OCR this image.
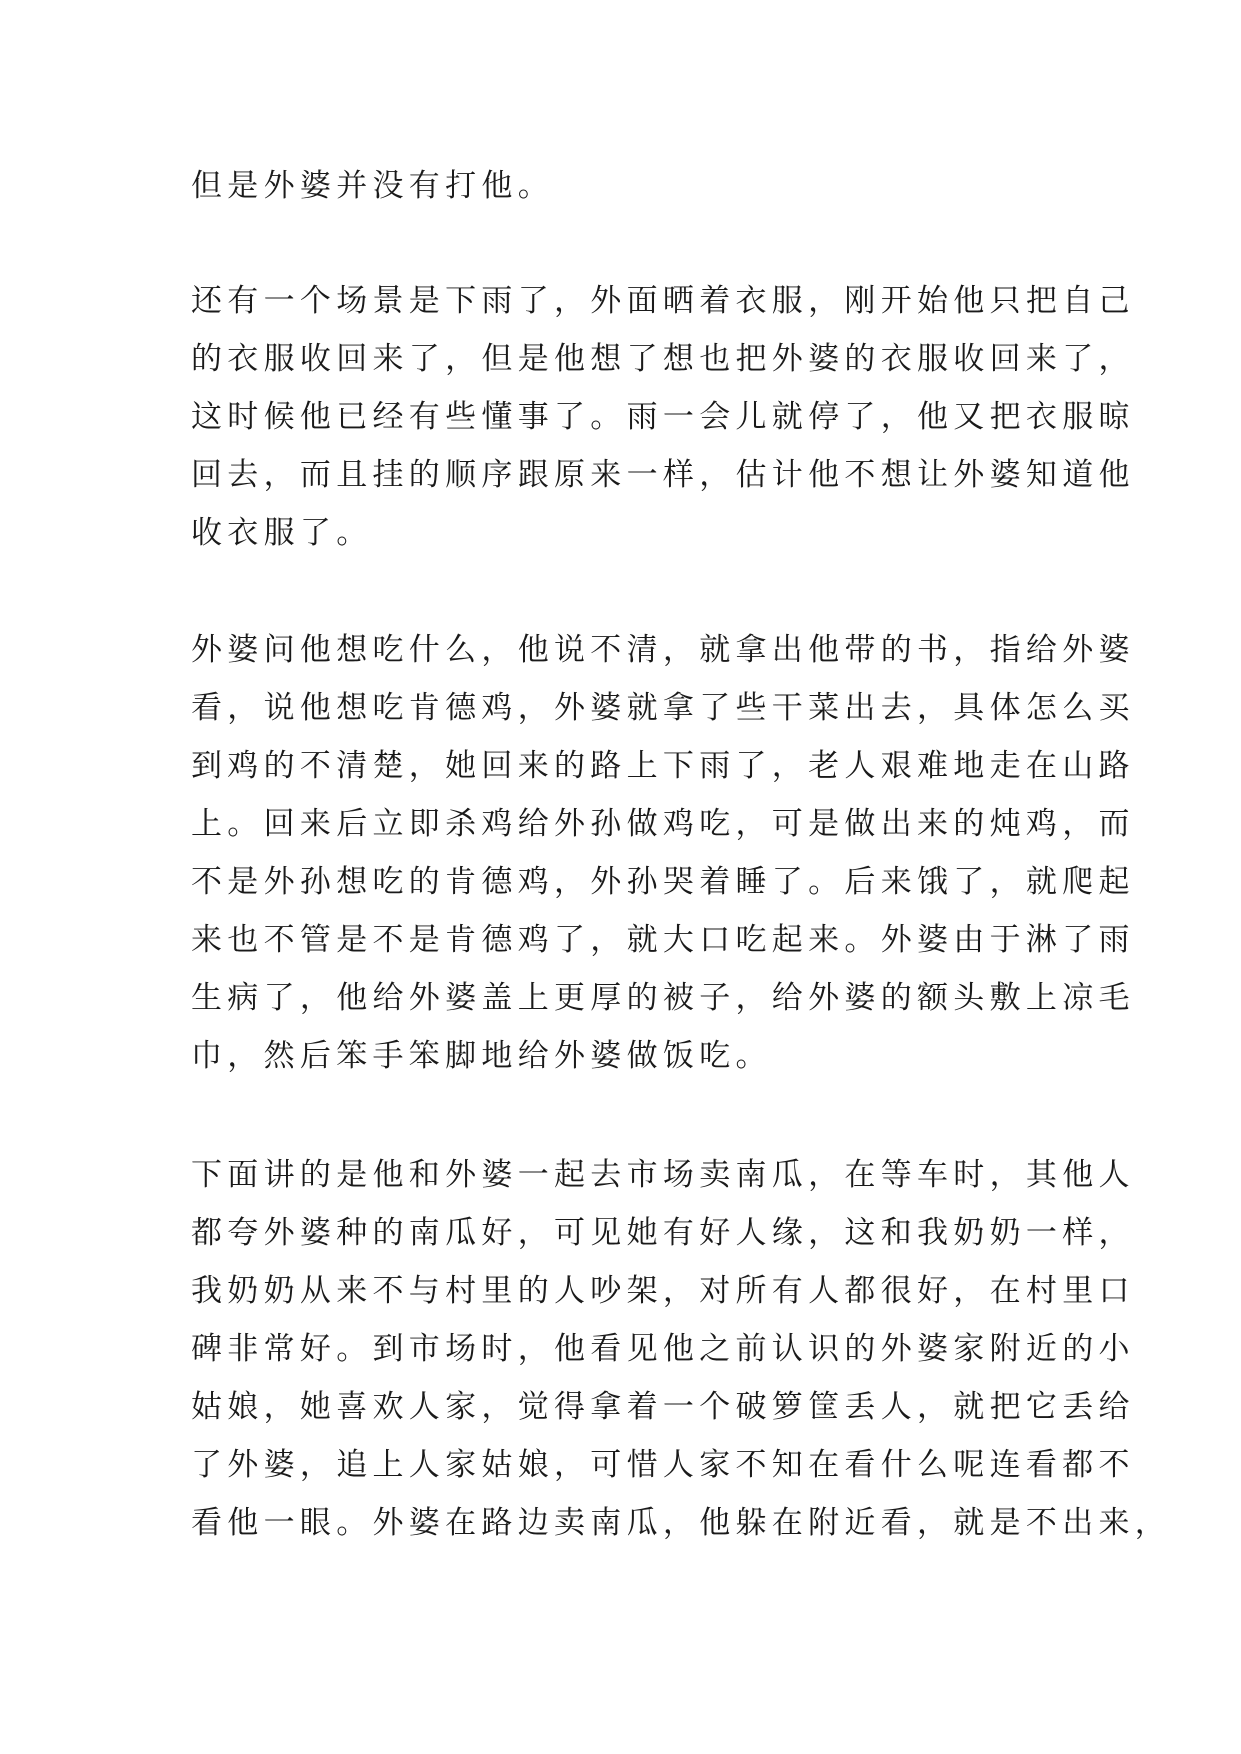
但是外婆并没有打他。
还有一个场景是下雨了，外面晒着衣服，刚开始他只把自己
的衣服收回来了，但是他想了想也把外婆的衣服收回来了，
这时候他已经有些懂事了。雨一会儿就停了，他又把衣服晾
回去，而且挂的顺序跟原来一样，估计他不想让外婆知道他
收衣服了。
外婆问他想吃什么，他说不清，就拿出他带的书，指给外婆
看，说他想吃肯德鸡，外婆就拿了些干菜出去，具体怎么买
到鸡的不清楚，她回来的路上下雨了，老人艰难地走在山路
上。回来后立即杀鸡给外孙做鸡吃，可是做出来的炖鸡，而
不是外孙想吃的肯德鸡，外孙哭着睡了。后来饿了，就爬起
来也不管是不是肯德鸡了，就大口吃起来。外婆由于淋了雨
生病了，他给外婆盖上更厚的被子，给外婆的额头敷上凉毛
巾，然后笨手笨脚地给外婆做饭吃。
下面讲的是他和外婆一起去市场卖南瓜，在等车时，其他人
都夸外婆种的南瓜好，可见她有好人缘，这和我奶奶一样，
我奶奶从来不与村里的人吵架，对所有人都很好，在村里口
碑非常好。到市场时，他看见他之前认识的外婆家附近的小
姑娘，她喜欢人家，觉得拿着一个破箩筐丢人，就把它丢给
了外婆，追上人家姑娘，可惜人家不知在看什么呢连看都不
看他一眼。外婆在路边卖南瓜，他躲在附近看，就是不出来，
